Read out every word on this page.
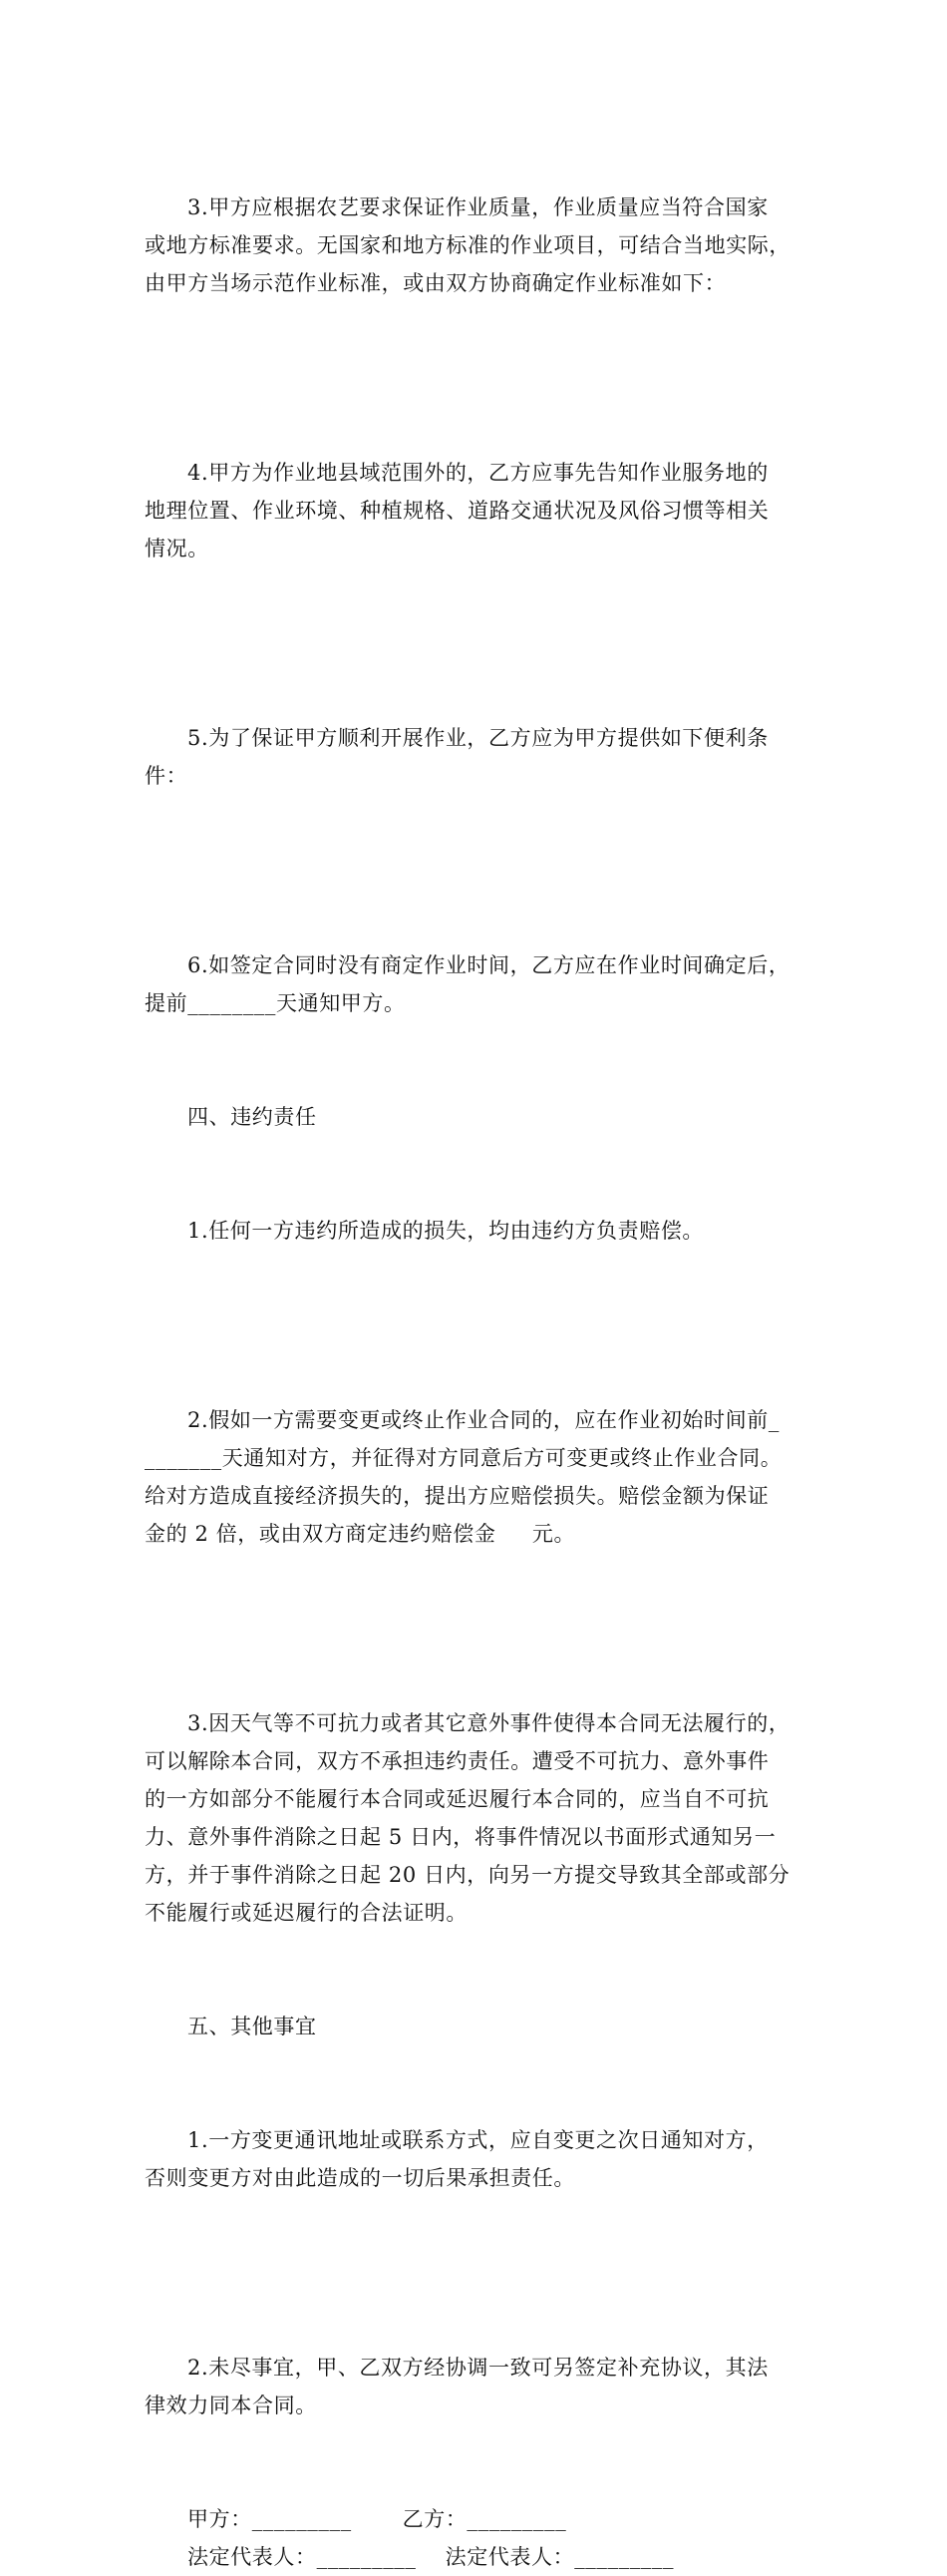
3.甲方应根据农艺要求保证作业质量，作业质量应当符合国家
或地方标准要求。无国家和地方标准的作业项目，可结合当地实际，
由甲方当场示范作业标准，或由双方协商确定作业标准如下：

4.甲方为作业地县域范围外的，乙方应事先告知作业服务地的
地理位置、作业环境、种植规格、道路交通状况及风俗习惯等相关
情况。

5.为了保证甲方顺利开展作业，乙方应为甲方提供如下便利条
件：

6.如签定合同时没有商定作业时间，乙方应在作业时间确定后，
提前________天通知甲方。

四、违约责任

1.任何一方违约所造成的损失，均由违约方负责赔偿。

2.假如一方需要变更或终止作业合同的，应在作业初始时间前_
_______天通知对方，并征得对方同意后方可变更或终止作业合同。
给对方造成直接经济损失的，提出方应赔偿损失。赔偿金额为保证
金的 2 倍，或由双方商定违约赔偿金     元。

3.因天气等不可抗力或者其它意外事件使得本合同无法履行的，
可以解除本合同，双方不承担违约责任。遭受不可抗力、意外事件
的一方如部分不能履行本合同或延迟履行本合同的，应当自不可抗
力、意外事件消除之日起 5 日内，将事件情况以书面形式通知另一
方，并于事件消除之日起 20 日内，向另一方提交导致其全部或部分
不能履行或延迟履行的合法证明。

五、其他事宜

1.一方变更通讯地址或联系方式，应自变更之次日通知对方，
否则变更方对由此造成的一切后果承担责任。

2.未尽事宜，甲、乙双方经协调一致可另签定补充协议，其法
律效力同本合同。

甲方：_________       乙方：_________

法定代表人：_________    法定代表人：_________
